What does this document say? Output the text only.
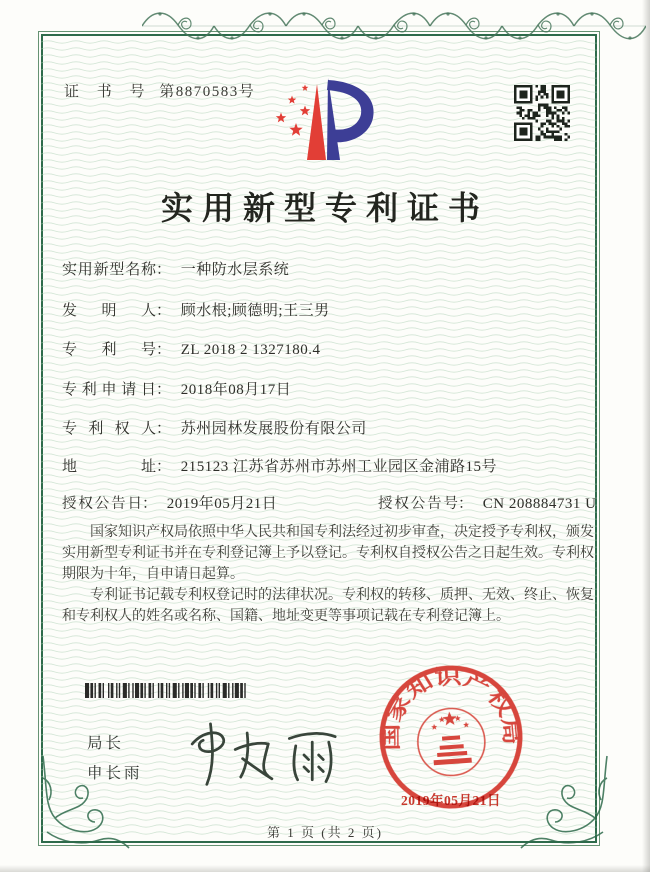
证 书 号 第8870583号
实用新型专利证书
实用新型名称： 一种防水层系统
发明人： 顾水根;顾德明;王三男
专利号： ZL 2018 2 1327180.4
专利申请日： 2018年08月17日
专利权人： 苏州园林发展股份有限公司
地址： 215123 江苏省苏州市苏州工业园区金浦路15号
授权公告日： 2019年05月21日	授权公告号： CN 208884731 U

国家知识产权局依照中华人民共和国专利法经过初步审查，决定授予专利权，颁发实用新型专利证书并在专利登记簿上予以登记。专利权自授权公告之日起生效。专利权期限为十年，自申请日起算。

专利证书记载专利权登记时的法律状况。专利权的转移、质押、无效、终止、恢复和专利权人的姓名或名称、国籍、地址变更等事项记载在专利登记簿上。

局长
申长雨
国家知识产权局
2019年05月21日
第 1 页 (共 2 页)
